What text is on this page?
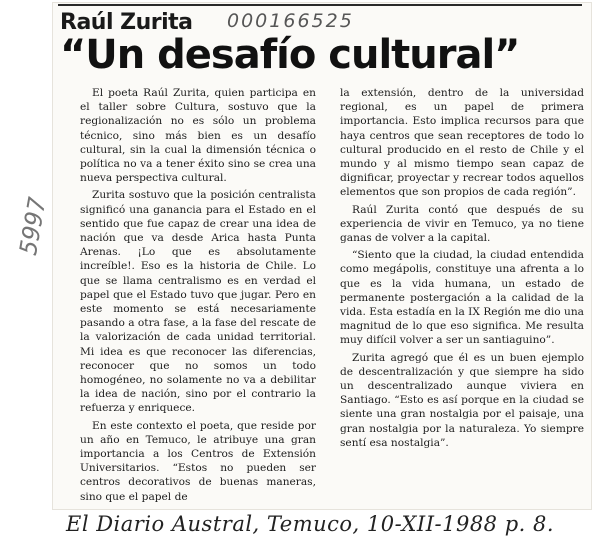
Raúl Zurita 000166525
“Un desafío cultural”
5997

El poeta Raúl Zurita, quien participa en el taller sobre Cultura, sostuvo que la regionalización no es sólo un problema técnico, sino más bien es un desafío cultural, sin la cual la dimensión técnica o política no va a tener éxito sino se crea una nueva perspectiva cultural.

Zurita sostuvo que la posición centralista significó una ganancia para el Estado en el sentido que fue capaz de crear una idea de nación que va desde Arica hasta Punta Arenas. ¡Lo que es absolutamente increíble!. Eso es la historia de Chile. Lo que se llama centralismo es en verdad el papel que el Estado tuvo que jugar. Pero en este momento se está necesariamente pasando a otra fase, a la fase del rescate de la valorización de cada unidad territorial. Mi idea es que reconocer las diferencias, reconocer que no somos un todo homogéneo, no solamente no va a debilitar la idea de nación, sino por el contrario la refuerza y enriquece.

En este contexto el poeta, que reside por un año en Temuco, le atribuye una gran importancia a los Centros de Extensión Universitarios. “Estos no pueden ser centros decorativos de buenas maneras, sino que el papel de

la extensión, dentro de la universidad regional, es un papel de primera importancia. Esto implica recursos para que haya centros que sean receptores de todo lo cultural producido en el resto de Chile y el mundo y al mismo tiempo sean capaz de dignificar, proyectar y recrear todos aquellos elementos que son propios de cada región”.

Raúl Zurita contó que después de su experiencia de vivir en Temuco, ya no tiene ganas de volver a la capital.

“Siento que la ciudad, la ciudad entendida como megápolis, constituye una afrenta a lo que es la vida humana, un estado de permanente postergación a la calidad de la vida. Esta estadía en la IX Región me dio una magnitud de lo que eso significa. Me resulta muy difícil volver a ser un santiaguino”.

Zurita agregó que él es un buen ejemplo de descentralización y que siempre ha sido un descentralizado aunque viviera en Santiago. “Esto es así porque en la ciudad se siente una gran nostalgia por el paisaje, una gran nostalgia por la naturaleza. Yo siempre sentí esa nostalgia”.

El Diario Austral, Temuco, 10-XII-1988 p. 8.
